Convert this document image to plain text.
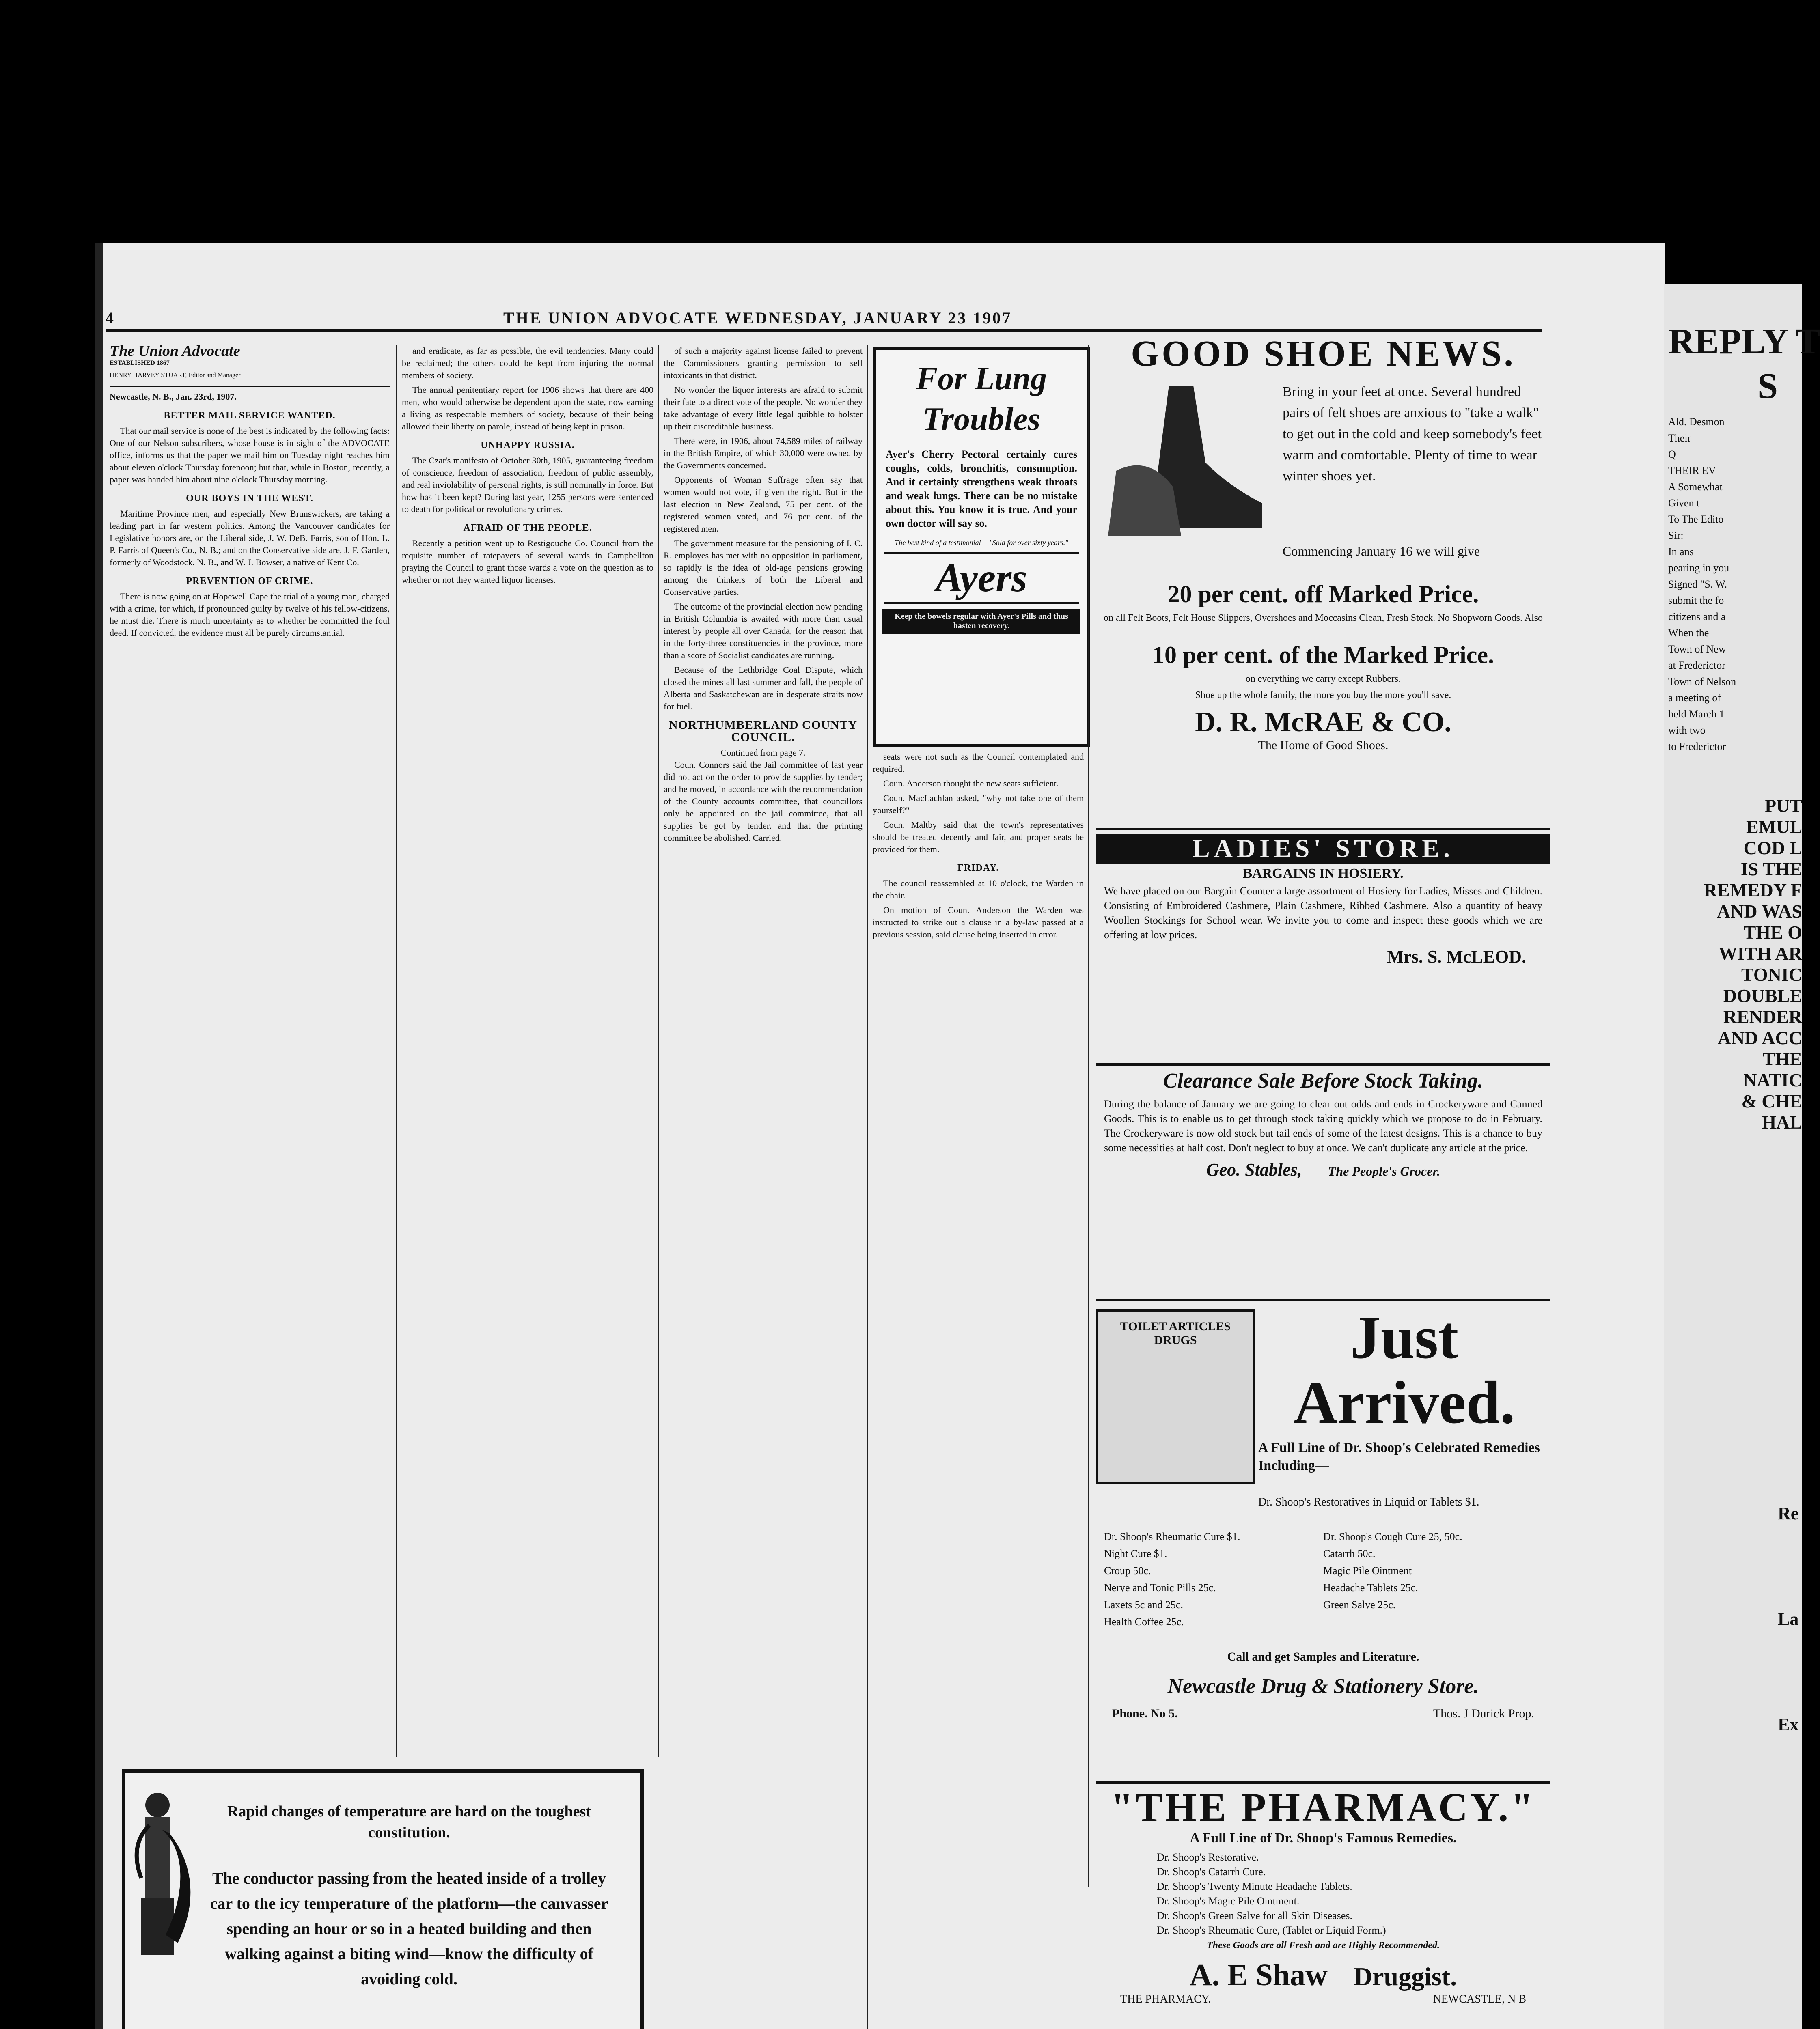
4	THE UNION ADVOCATE WEDNESDAY, JANUARY 23 1907
The Union Advocate
ESTABLISHED 1867
HENRY HARVEY STUART, Editor and Manager
Newcastle, N. B., Jan. 23rd, 1907.
BETTER MAIL SERVICE WANTED.

That our mail service is none of the best is indicated by the following facts: One of our Nelson subscribers, whose house is in sight of the ADVOCATE office, informs us that the paper we mail him on Tuesday night reaches him about eleven o'clock Thursday forenoon; but that, while in Boston, recently, a paper was handed him about nine o'clock Thursday morning.

OUR BOYS IN THE WEST.

Maritime Province men, and especially New Brunswickers, are taking a leading part in far western politics. Among the Vancouver candidates for Legislative honors are, on the Liberal side, J. W. DeB. Farris, son of Hon. L. P. Farris of Queen's Co., N. B.; and on the Conservative side are, J. F. Garden, formerly of Woodstock, N. B., and W. J. Bowser, a native of Kent Co.

PREVENTION OF CRIME.

There is now going on at Hopewell Cape the trial of a young man, charged with a crime, for which, if pronounced guilty by twelve of his fellow-citizens, he must die. There is much uncertainty as to whether he committed the foul deed. If convicted, the evidence must all be purely circumstantial.

and eradicate, as far as possible, the evil tendencies. Many could be reclaimed; the others could be kept from injuring the normal members of society.

The annual penitentiary report for 1906 shows that there are 400 men, who would otherwise be dependent upon the state, now earning a living as respectable members of society, because of their being allowed their liberty on parole, instead of being kept in prison.

UNHAPPY RUSSIA.

The Czar's manifesto of October 30th, 1905, guaranteeing freedom of conscience, freedom of association, freedom of public assembly, and real inviolability of personal rights, is still nominally in force. But how has it been kept? During last year, 1255 persons were sentenced to death for political or revolutionary crimes.

AFRAID OF THE PEOPLE.

Recently a petition went up to Restigouche Co. Council from the requisite number of ratepayers of several wards in Campbellton praying the Council to grant those wards a vote on the question as to whether or not they wanted liquor licenses.

of such a majority against license failed to prevent the Commissioners granting permission to sell intoxicants in that district.

No wonder the liquor interests are afraid to submit their fate to a direct vote of the people. No wonder they take advantage of every little legal quibble to bolster up their discreditable business.

There were, in 1906, about 74,589 miles of railway in the British Empire, of which 30,000 were owned by the Governments concerned.

Opponents of Woman Suffrage often say that women would not vote, if given the right. But in the last election in New Zealand, 75 per cent. of the registered women voted, and 76 per cent. of the registered men.

The government measure for the pensioning of I. C. R. employes has met with no opposition in parliament, so rapidly is the idea of old-age pensions growing among the thinkers of both the Liberal and Conservative parties.

The outcome of the provincial election now pending in British Columbia is awaited with more than usual interest by people all over Canada, for the reason that in the forty-three constituencies in the province, more than a score of Socialist candidates are running.

Because of the Lethbridge Coal Dispute, which closed the mines all last summer and fall, the people of Alberta and Saskatchewan are in desperate straits now for fuel.

NORTHUMBERLAND COUNTY COUNCIL.
Continued from page 7.

Coun. Connors said the Jail committee of last year did not act on the order to provide supplies by tender; and he moved, in accordance with the recommendation of the County accounts committee, that councillors only be appointed on the jail committee, that all supplies be got by tender, and that the printing committee be abolished. Carried.

For Lung Troubles
Ayer's Cherry Pectoral certainly cures coughs, colds, bronchitis, consumption. And it certainly strengthens weak throats and weak lungs. There can be no mistake about this. You know it is true. And your own doctor will say so.
The best kind of a testimonial— "Sold for over sixty years."
Ayers
Keep the bowels regular with Ayer's Pills and thus hasten recovery.

seats were not such as the Council contemplated and required.

Coun. Anderson thought the new seats sufficient.

Coun. MacLachlan asked, "why not take one of them yourself?"

Coun. Maltby said that the town's representatives should be treated decently and fair, and proper seats be provided for them.

FRIDAY.

The council reassembled at 10 o'clock, the Warden in the chair.

On motion of Coun. Anderson the Warden was instructed to strike out a clause in a by-law passed at a previous session, said clause being inserted in error.

GOOD SHOE NEWS.
Bring in your feet at once. Several hundred pairs of felt shoes are anxious to "take a walk" to get out in the cold and keep somebody's feet warm and comfortable. Plenty of time to wear winter shoes yet.
Commencing January 16 we will give
20 per cent. off Marked Price.
on all Felt Boots, Felt House Slippers, Overshoes and Moccasins Clean, Fresh Stock. No Shopworn Goods. Also
10 per cent. of the Marked Price.
on everything we carry except Rubbers.
Shoe up the whole family, the more you buy the more you'll save.
D. R. McRAE & CO.
The Home of Good Shoes.
LADIES' STORE.
BARGAINS IN HOSIERY.
We have placed on our Bargain Counter a large assortment of Hosiery for Ladies, Misses and Children. Consisting of Embroidered Cashmere, Plain Cashmere, Ribbed Cashmere. Also a quantity of heavy Woollen Stockings for School wear. We invite you to come and inspect these goods which we are offering at low prices.
Mrs. S. McLEOD.
Clearance Sale Before Stock Taking.
During the balance of January we are going to clear out odds and ends in Crockeryware and Canned Goods. This is to enable us to get through stock taking quickly which we propose to do in February. The Crockeryware is now old stock but tail ends of some of the latest designs. This is a chance to buy some necessities at half cost. Don't neglect to buy at once. We can't duplicate any article at the price.
Geo. Stables, The People's Grocer.
TOILET ARTICLES DRUGS	Just Arrived.
A Full Line of Dr. Shoop's Celebrated Remedies Including—
Dr. Shoop's Restoratives in Liquid or Tablets $1.
Dr. Shoop's Rheumatic Cure $1.	Dr. Shoop's Cough Cure 25, 50c.
Night Cure $1.	Catarrh 50c.
Croup 50c.	Magic Pile Ointment
Nerve and Tonic Pills 25c.	Headache Tablets 25c.
Laxets 5c and 25c.	Green Salve 25c.
Health Coffee 25c.
Call and get Samples and Literature.
Newcastle Drug & Stationery Store.
Phone. No 5.	Thos. J Durick Prop.
"THE PHARMACY."
A Full Line of Dr. Shoop's Famous Remedies.
Dr. Shoop's Restorative.
Dr. Shoop's Catarrh Cure.
Dr. Shoop's Twenty Minute Headache Tablets.
Dr. Shoop's Magic Pile Ointment.
Dr. Shoop's Green Salve for all Skin Diseases.
Dr. Shoop's Rheumatic Cure, (Tablet or Liquid Form.)
These Goods are all Fresh and are Highly Recommended.
A. E Shaw Druggist.
THE PHARMACY.	NEWCASTLE, N B
Rapid changes of temperature are hard on the toughest constitution.
The conductor passing from the heated inside of a trolley car to the icy temperature of the platform—the canvasser spending an hour or so in a heated building and then walking against a biting wind—know the difficulty of avoiding cold.

REPLY T
S
Ald. Desmon
Their
Q
THEIR EV
A Somewhat
Given t
To The Edito
Sir:
In ans
pearing in you
Signed "S. W.
submit the fo
citizens and a
When the
Town of New
at Frederictor
Town of Nelson
a meeting of
held March 1
with two
to Frederictor
PUT
EMUL
COD L
IS THE
REMEDY F
AND WAS
THE O
WITH AR
TONIC
DOUBLE
RENDER
AND ACC
THE
NATIC
& CHE
HAL
Re
La
Ex
